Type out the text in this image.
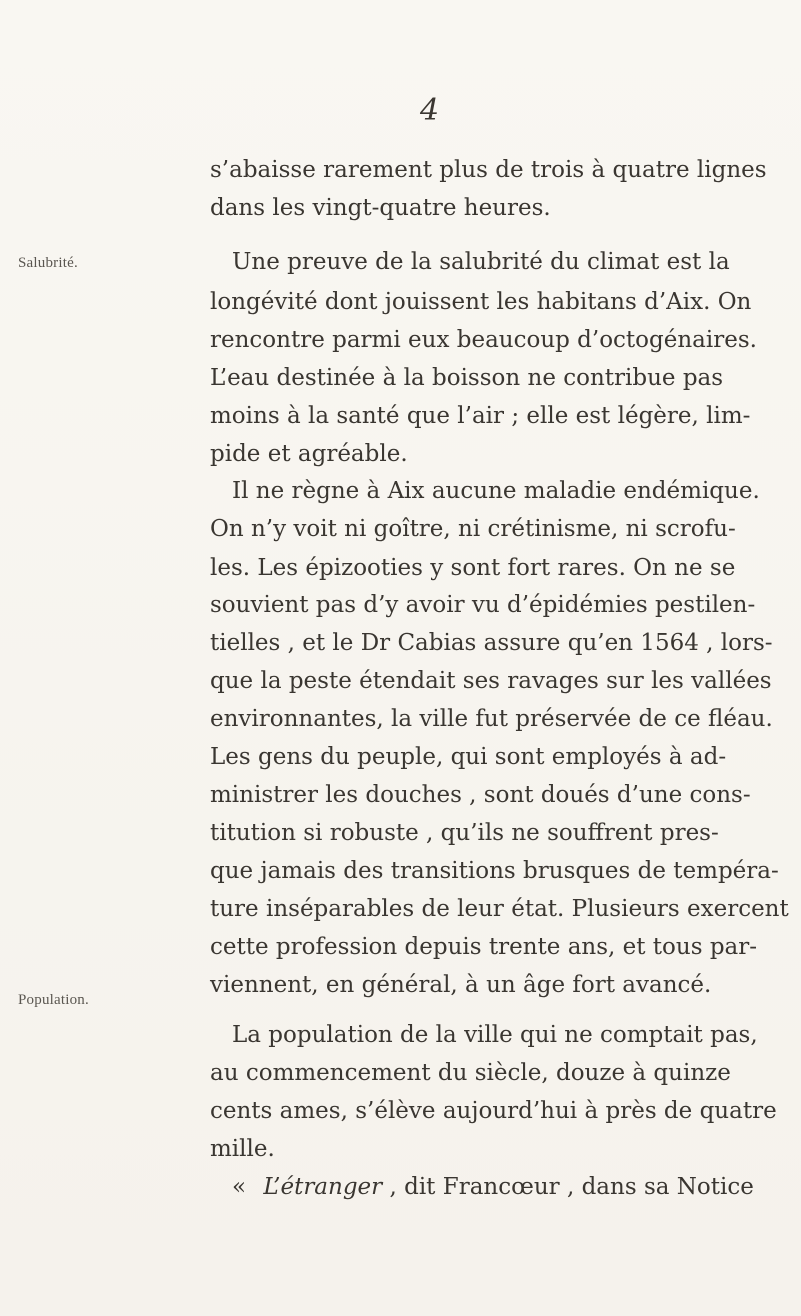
4
Salubrité.
Population.
s’abaisse rarement plus de trois à quatre lignes
dans les vingt-quatre heures.
Une preuve de la salubrité du climat est la
longévité dont jouissent les habitans d’Aix. On
rencontre parmi eux beaucoup d’octogénaires.
L’eau destinée à la boisson ne contribue pas
moins à la santé que l’air ; elle est légère, lim-
pide et agréable.
Il ne règne à Aix aucune maladie endémique.
On n’y voit ni goître, ni crétinisme, ni scrofu-
les. Les épizooties y sont fort rares. On ne se
souvient pas d’y avoir vu d’épidémies pestilen-
tielles , et le Dr Cabias assure qu’en 1564 , lors-
que la peste étendait ses ravages sur les vallées
environnantes, la ville fut préservée de ce fléau.
Les gens du peuple, qui sont employés à ad-
ministrer les douches , sont doués d’une cons-
titution si robuste , qu’ils ne souffrent pres-
que jamais des transitions brusques de tempéra-
ture inséparables de leur état. Plusieurs exercent
cette profession depuis trente ans, et tous par-
viennent, en général, à un âge fort avancé.
La population de la ville qui ne comptait pas,
au commencement du siècle, douze à quinze
cents ames, s’élève aujourd’hui à près de quatre
mille.
« L’étranger , dit Francœur , dans sa Notice
